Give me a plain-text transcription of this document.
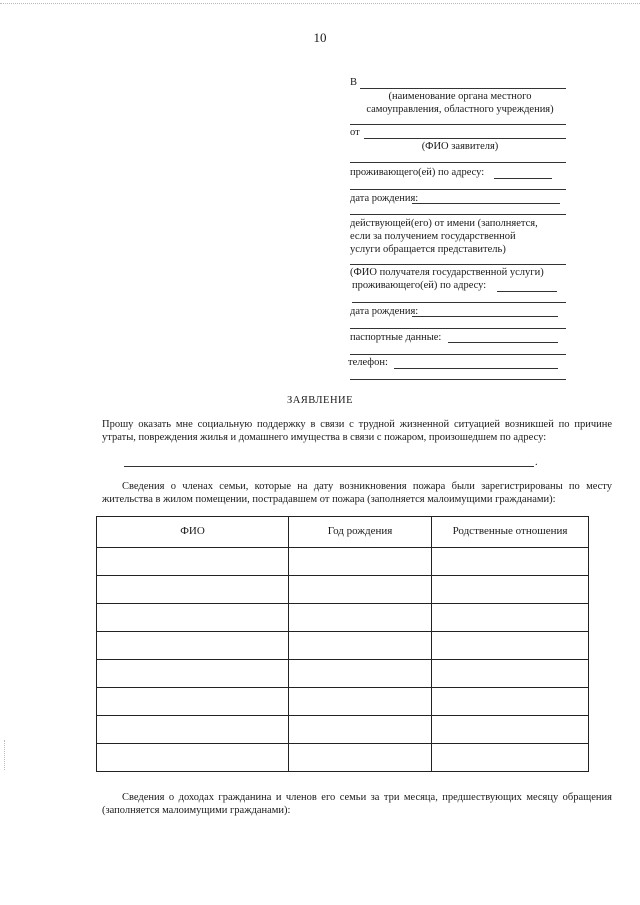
10
В
(наименование органа местного
самоуправления, областного учреждения)
от
(ФИО заявителя)
проживающего(ей) по адресу:
дата рождения:
действующей(его) от имени (заполняется,
если за получением государственной
услуги обращается представитель)
(ФИО получателя государственной услуги)
проживающего(ей) по адресу:
дата рождения:
паспортные данные:
телефон:
ЗАЯВЛЕНИЕ
Прошу оказать мне социальную поддержку в связи с трудной жизненной ситуацией возникшей по причине утраты, повреждения жилья и домашнего имущества в связи с пожаром, произошедшем по адресу:
.
Сведения о членах семьи, которые на дату возникновения пожара были зарегистрированы по месту жительства в жилом помещении, пострадавшем от пожара (заполняется малоимущими гражданами):
ФИО	Год рождения	Родственные отношения

Сведения о доходах гражданина и членов его семьи за три месяца, предшествующих месяцу обращения (заполняется малоимущими гражданами):
